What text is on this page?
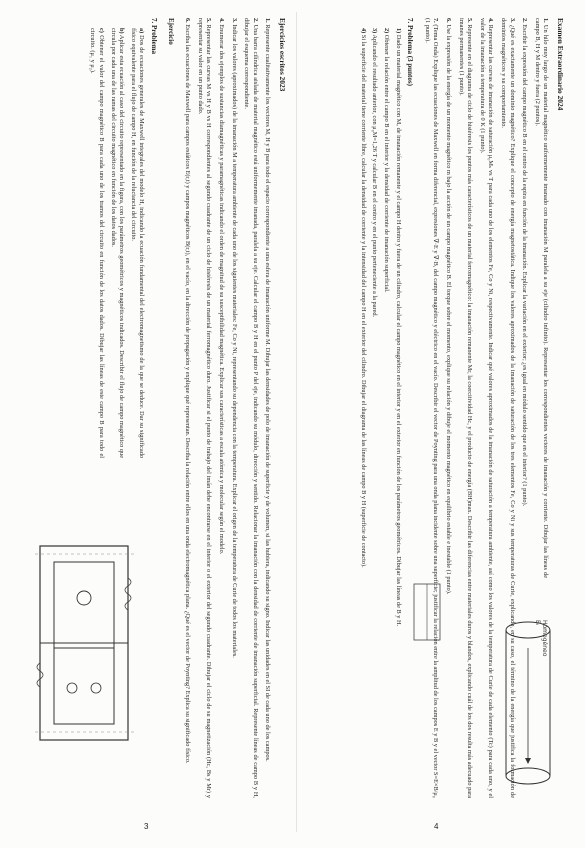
Ejercicios escritos 2023
1. Represente cualitativamente los vectores M, H y B para todo el espacio correspondiente a una esfera de imanación uniforme M. Dibujar las densidades de polo de imanación de superficie y de volumen, si las hubiera, indicando su signo. Indicar las unidades en el SI de cada uno de los campos.
2. Una barra cilíndrica aislada de material magnético está uniformemente imanada, paralela a su eje. Calcular el campo B y H en el punto P del eje, indicando su módulo, dirección y sentido. Relacionar la imanación con la densidad de corriente de imanación superficial. Represente líneas de campo B y H, dibujar el esquema correspondiente.
3. Indicar los valores (aproximados) de la imanación M a temperatura ambiente de cada uno de los siguientes materiales: Fe, Co y Ni, representando su dependencia con la temperatura. Explicar el origen de la temperatura de Curie de todos los materiales.
4. Enumerar dos ejemplos de sustancias diamagnéticas y paramagnéticas indicando el orden de magnitud de su susceptibilidad magnética. Explicar sus características a escala atómica y molecular según el modelo.
5. Representar las curvas M vs H y B vs H correspondientes al segundo cuadrante de un ciclo de histéresis de un material ferromagnético duro. Justificar si el punto de trabajo del imán debe encontrarse en el interior o el exterior del segundo cuadrante. Dibujar el ciclo de su magnetización (Hc, Bs y Mr) y representar su valor en un punto dado.
6. Escriba las ecuaciones de Maxwell para campos estáticos E(r,t) y campos magnéticos B(r,t), en el vacío, en la dirección de propagación y explique qué representan. Describa la relación entre ellos en una onda electromagnética plana. ¿Qué es el vector de Poynting? Explica su significado físico.
Ejercicio
7. Problema
a) Dos de ecuaciones generales de Maxwell integrales del modelo H, indicando la ecuación fundamental del electromagnetismo de la que se deduce. Dar su significado físico equivalente para el flujo de campo H, en función de la reluctancia del circuito.
b) Aplicar esta ecuación al caso del circuito representado en la figura, con los parámetros geométricos y magnéticos indicados. Describir el flujo de campo magnético que circula por cada una de las ramas del circuito magnético en función de los datos dados.
c) Obtener el valor del campo magnético B para cada uno de los tramos del circuito en función de los datos dados. Dibujar las líneas de este campo B para todo el circuito. (μ₁ y μ₂).	Examen Extraordinario 2024
1. Un hilo muy largo de un material magnético uniformemente imanado con imanación M paralela a su eje (cilindro infinito). Representar los correspondientes vectores de imanación y corriente. Dibujar las líneas de campo B, H y M dentro y fuera (2 puntos).
2. Escribir la expresión del campo magnético B en el centro de la espira en función de la imanación. Explicar la variación en el exterior; ¿es igual en módulo sentido que en el interior? (1 punto).
3. ¿Qué es exactamente un dominio magnético? Explique el concepto de energía magnetostática. Indique los valores aproximados de la imanación de saturación de los tres elementos Fe, Co y Ni y sus temperaturas de Curie, explicando, en su caso, el término de la energía que justifica la formación de dominios magnéticos y su comportamiento.
4. Representar las curvas de imanación de saturación μ₀Mₛ vs T para cada uno de los elementos Fe, Co y Ni, respectivamente. Indicar qué valores aproximados de la imanación de saturación a temperatura ambiente, así como los valores de la temperatura de Curie de cada elemento (Tc) para cada uno, y el valor de la imanación a temperatura de 0 K (1 punto).
5. Represente en el diagrama de ciclo de histéresis los puntos más característicos de un material ferromagnético: la imanación remanente Mr, la coercitividad Hc, y el producto de energía (BH)max. Describir las diferencias entre materiales duros y blandos, explicando cuál de los dos resulta más adecuado para imanes permanentes (1 punto).
6. Use la expresión de la energía de un momento magnético m bajo la acción de un campo magnético B. El torque sobre el momento, explique su relación y dibuje el momento magnético en equilibrio estable e inestable (1 punto).
7. (Tema Onda) Explique las ecuaciones de Maxwell en forma diferencial, expresiones ∇·E y ∇·B, del campo magnético y eléctrico en el vacío. Describir el vector de Poynting para una onda plana incidente sobre una superficie; justificar la relación entre la amplitud de los campos E y B y el vector S=E×B/μ₀ (1 punto).
7. Problema (3 puntos)
1) Dado un material magnético con Mₒ de imanación remanente y el campo H dentro y fuera de un cilindro, calcular el campo magnético en el interior y en el exterior en función de los parámetros geométricos. Dibujar las líneas de B y H.
2) Obtener la relación entre el campo B en el interior y la densidad de corriente de imanación superficial.
3) Aplicando el resultado anterior, con μ₀M=1,26 T y calcular B en el centro y en el punto perteneciente a la pared.
4) Si la superficie del material tiene corriente libre, calcular la densidad de corriente y la intensidad del campo H en el exterior del cilindro. Dibujar el diagrama de las líneas de campo B y H (superficie de contacto).
Homogéneo Bᵢ
3	4
